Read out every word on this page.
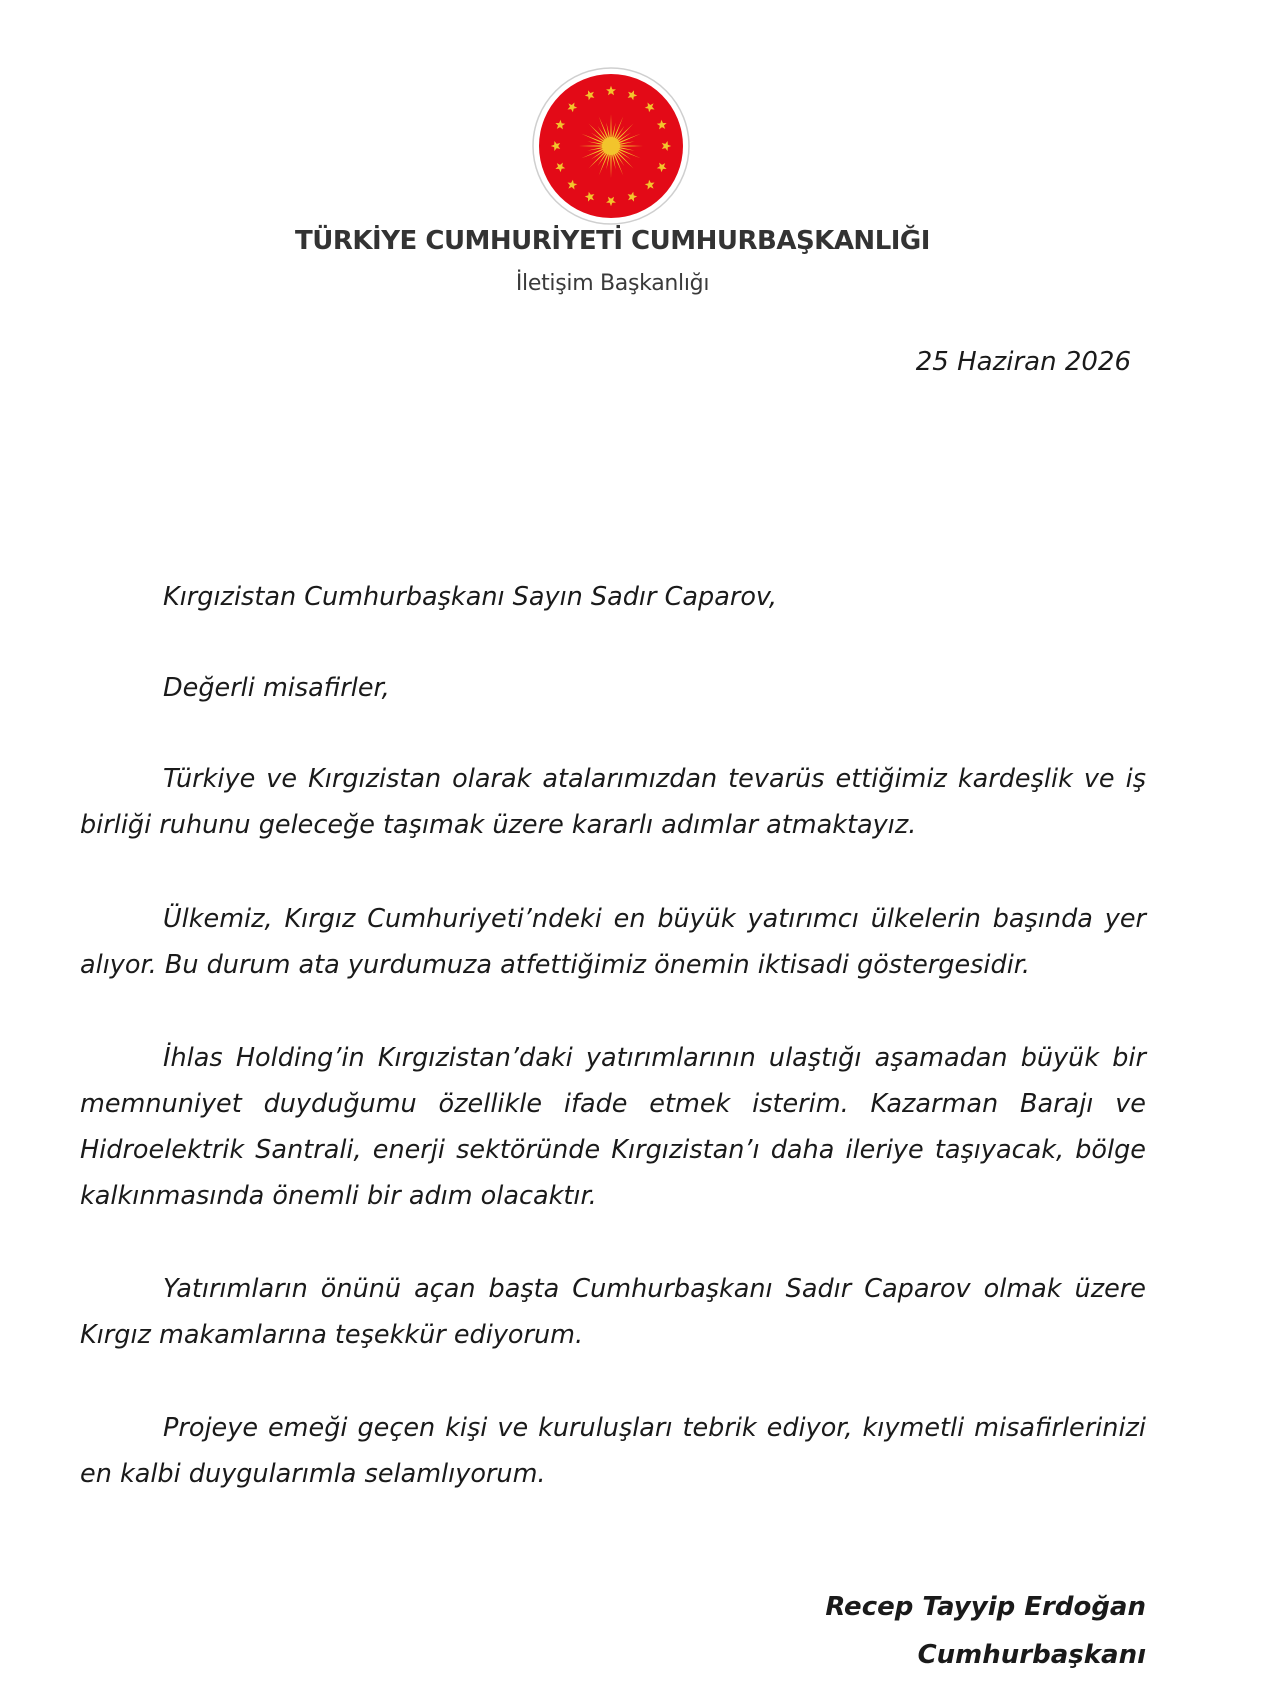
TÜRKİYE CUMHURİYETİ CUMHURBAŞKANLIĞI
İletişim Başkanlığı
25 Haziran 2026

Kırgızistan Cumhurbaşkanı Sayın Sadır Caparov,

Değerli misafirler,

Türkiye ve Kırgızistan olarak atalarımızdan tevarüs ettiğimiz kardeşlik ve iş birliği ruhunu geleceğe taşımak üzere kararlı adımlar atmaktayız.

Ülkemiz, Kırgız Cumhuriyeti’ndeki en büyük yatırımcı ülkelerin başında yer alıyor. Bu durum ata yurdumuza atfettiğimiz önemin iktisadi göstergesidir.

İhlas Holding’in Kırgızistan’daki yatırımlarının ulaştığı aşamadan büyük bir memnuniyet duyduğumu özellikle ifade etmek isterim. Kazarman Barajı ve Hidroelektrik Santrali, enerji sektöründe Kırgızistan’ı daha ileriye taşıyacak, bölge kalkınmasında önemli bir adım olacaktır.

Yatırımların önünü açan başta Cumhurbaşkanı Sadır Caparov olmak üzere Kırgız makamlarına teşekkür ediyorum.

Projeye emeği geçen kişi ve kuruluşları tebrik ediyor, kıymetli misafirlerinizi en kalbi duygularımla selamlıyorum.

Recep Tayyip Erdoğan
Cumhurbaşkanı
